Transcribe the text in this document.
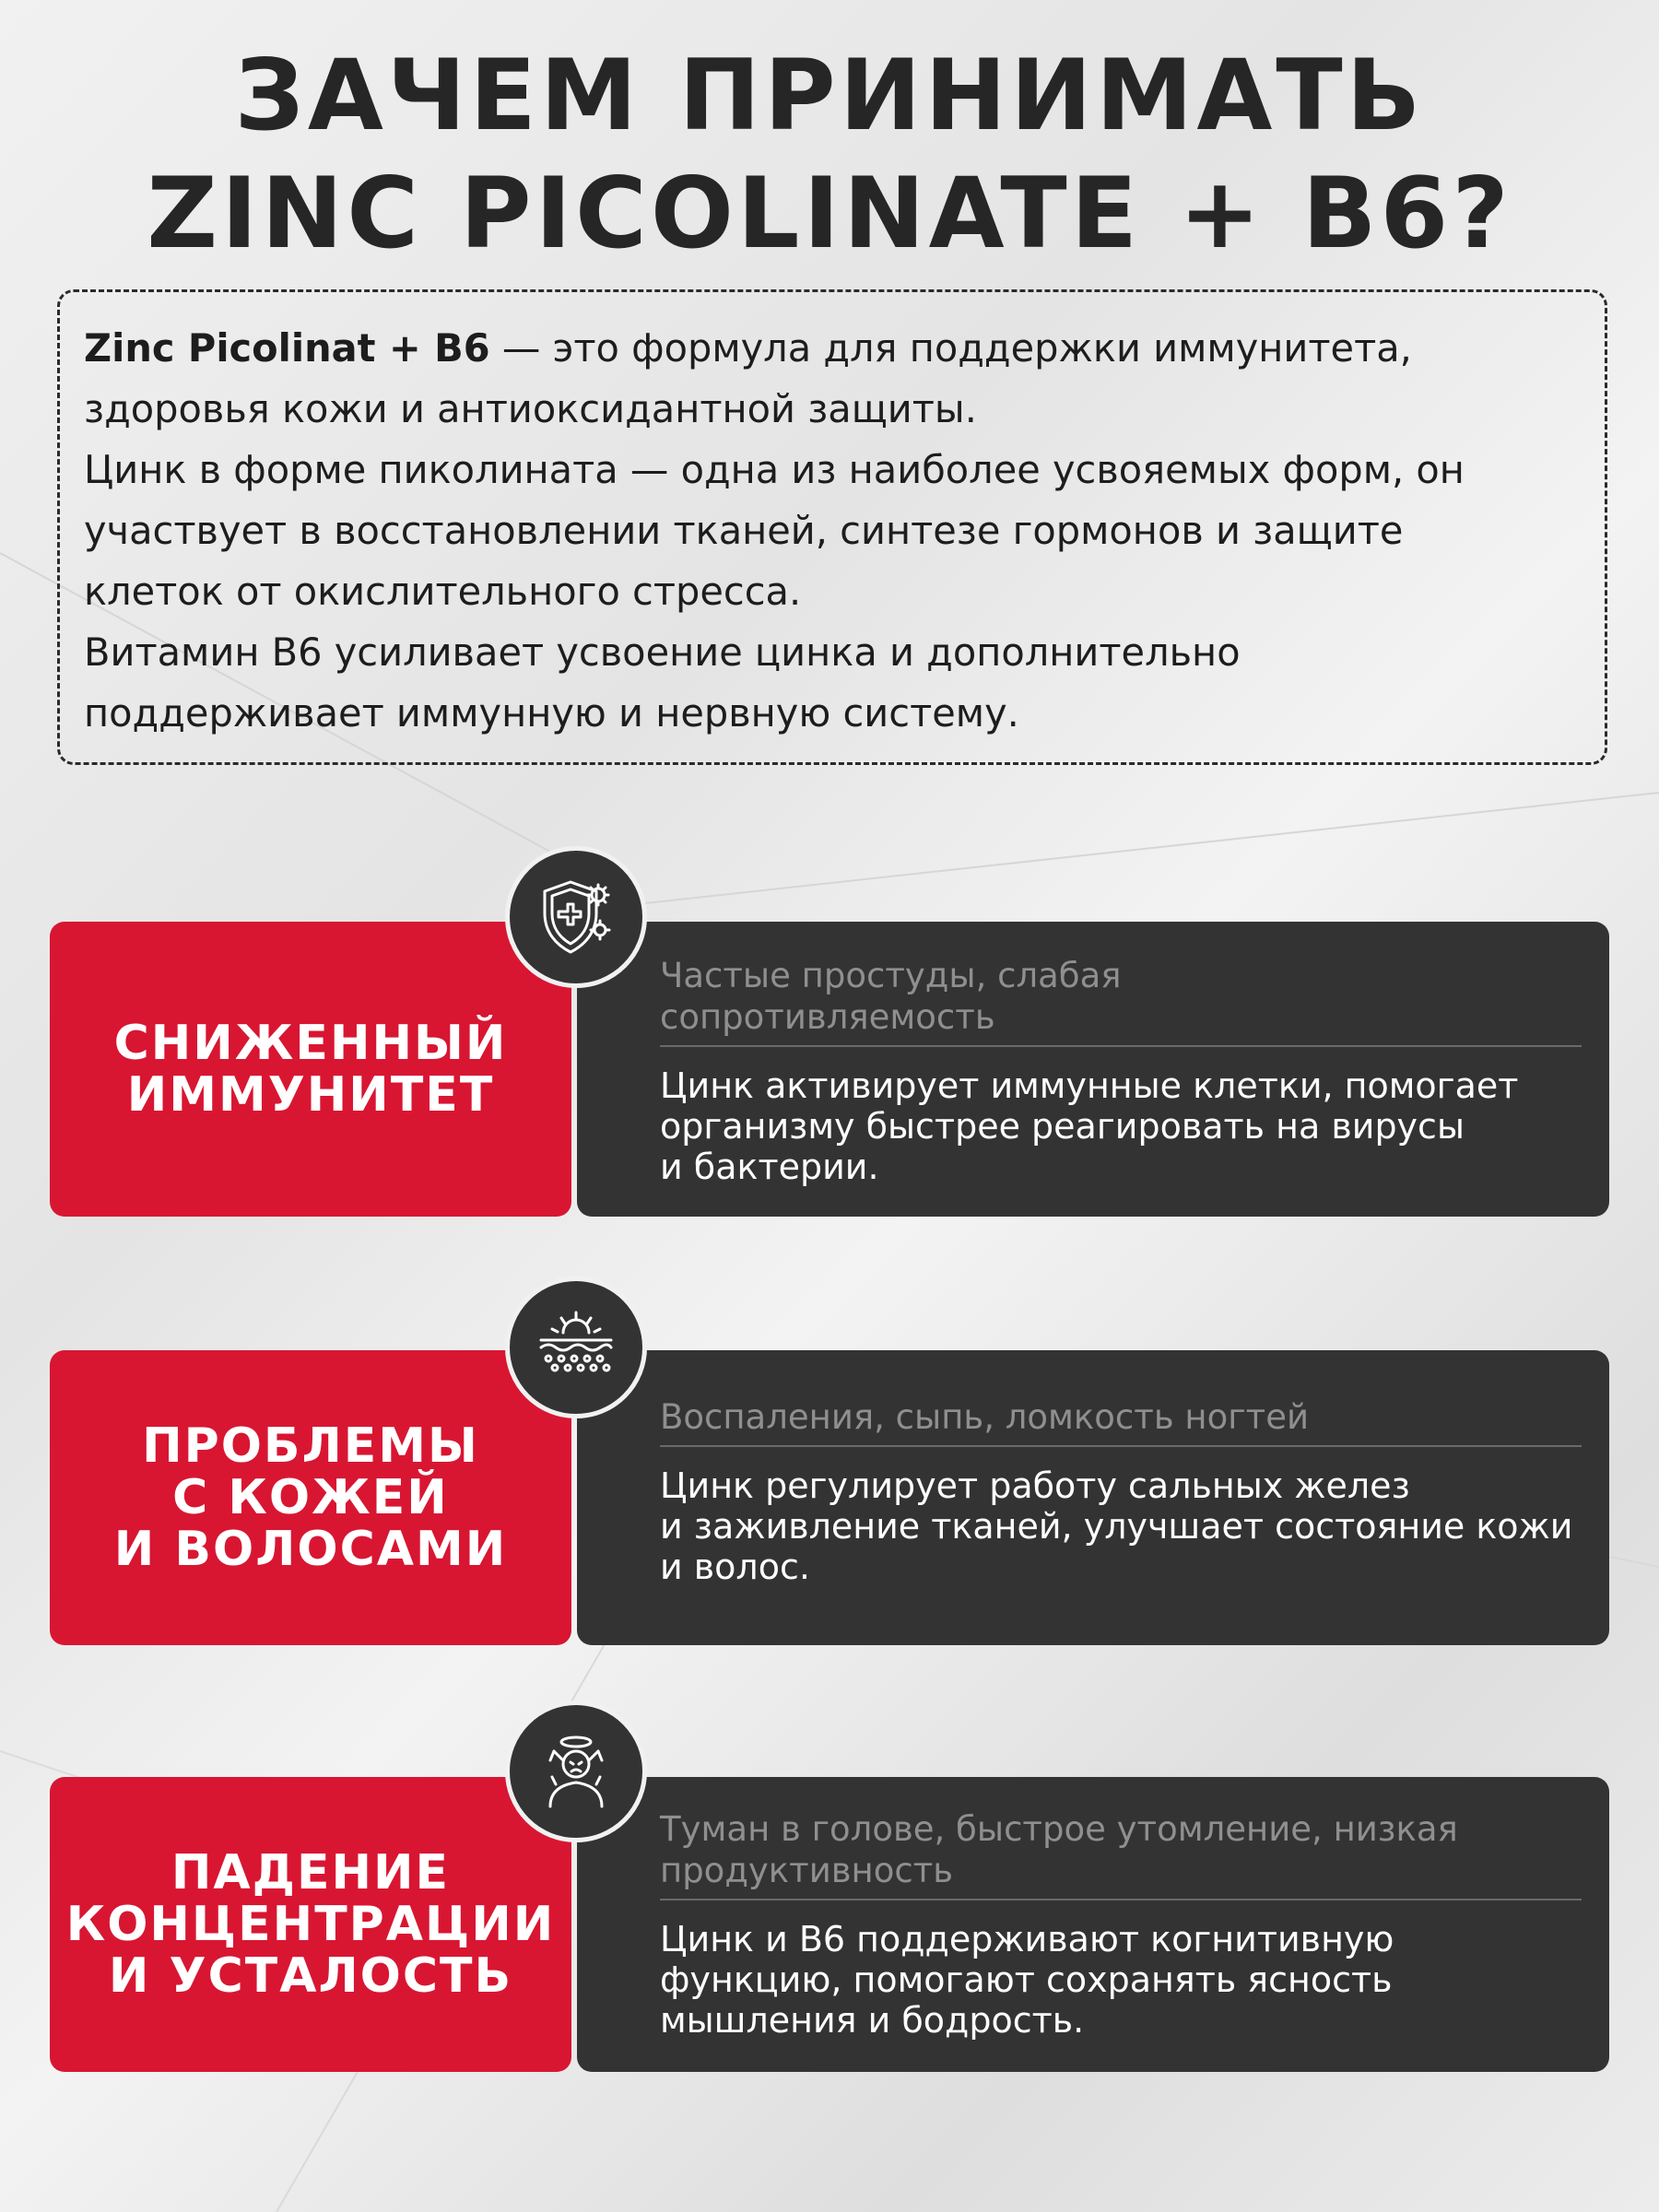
ЗАЧЕМ ПРИНИМАТЬ
ZINC PICOLINATE + B6?

Zinc Picolinat + B6 — это формула для поддержки иммунитета,

здоровья кожи и антиоксидантной защиты.

Цинк в форме пиколината — одна из наиболее усвояемых форм, он

участвует в восстановлении тканей, синтезе гормонов и защите

клеток от окислительного стресса.

Витамин B6 усиливает усвоение цинка и дополнительно

поддерживает иммунную и нервную систему.

СНИЖЕННЫЙ
ИММУНИТЕТ
Частые простуды, слабая
сопротивляемость
Цинк активирует иммунные клетки, помогает
организму быстрее реагировать на вирусы
и бактерии.
ПРОБЛЕМЫ
С КОЖЕЙ
И ВОЛОСАМИ
Воспаления, сыпь, ломкость ногтей
Цинк регулирует работу сальных желез
и заживление тканей, улучшает состояние кожи
и волос.
ПАДЕНИЕ
КОНЦЕНТРАЦИИ
И УСТАЛОСТЬ
Туман в голове, быстрое утомление, низкая
продуктивность
Цинк и B6 поддерживают когнитивную
функцию, помогают сохранять ясность
мышления и бодрость.
